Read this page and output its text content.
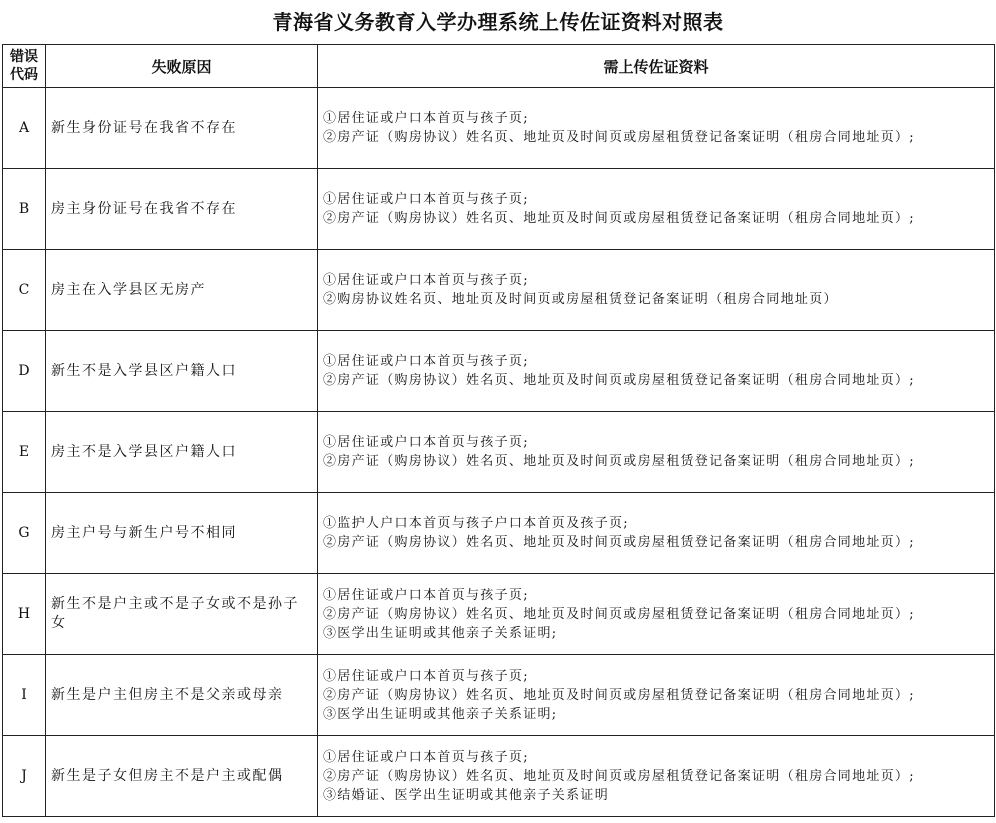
青海省义务教育入学办理系统上传佐证资料对照表
错误
代码	失败原因	需上传佐证资料
A	新生身份证号在我省不存在	①居住证或户口本首页与孩子页;
②房产证（购房协议）姓名页、地址页及时间页或房屋租赁登记备案证明（租房合同地址页）;

B	房主身份证号在我省不存在	①居住证或户口本首页与孩子页;
②房产证（购房协议）姓名页、地址页及时间页或房屋租赁登记备案证明（租房合同地址页）;

C	房主在入学县区无房产	①居住证或户口本首页与孩子页;
②购房协议姓名页、地址页及时间页或房屋租赁登记备案证明（租房合同地址页）

D	新生不是入学县区户籍人口	①居住证或户口本首页与孩子页;
②房产证（购房协议）姓名页、地址页及时间页或房屋租赁登记备案证明（租房合同地址页）;

E	房主不是入学县区户籍人口	①居住证或户口本首页与孩子页;
②房产证（购房协议）姓名页、地址页及时间页或房屋租赁登记备案证明（租房合同地址页）;

G	房主户号与新生户号不相同	①监护人户口本首页与孩子户口本首页及孩子页;
②房产证（购房协议）姓名页、地址页及时间页或房屋租赁登记备案证明（租房合同地址页）;

H	新生不是户主或不是子女或不是孙子女	①居住证或户口本首页与孩子页;
②房产证（购房协议）姓名页、地址页及时间页或房屋租赁登记备案证明（租房合同地址页）;
③医学出生证明或其他亲子关系证明;

I	新生是户主但房主不是父亲或母亲	①居住证或户口本首页与孩子页;
②房产证（购房协议）姓名页、地址页及时间页或房屋租赁登记备案证明（租房合同地址页）;
③医学出生证明或其他亲子关系证明;

J	新生是子女但房主不是户主或配偶	①居住证或户口本首页与孩子页;
②房产证（购房协议）姓名页、地址页及时间页或房屋租赁登记备案证明（租房合同地址页）;
③结婚证、医学出生证明或其他亲子关系证明
